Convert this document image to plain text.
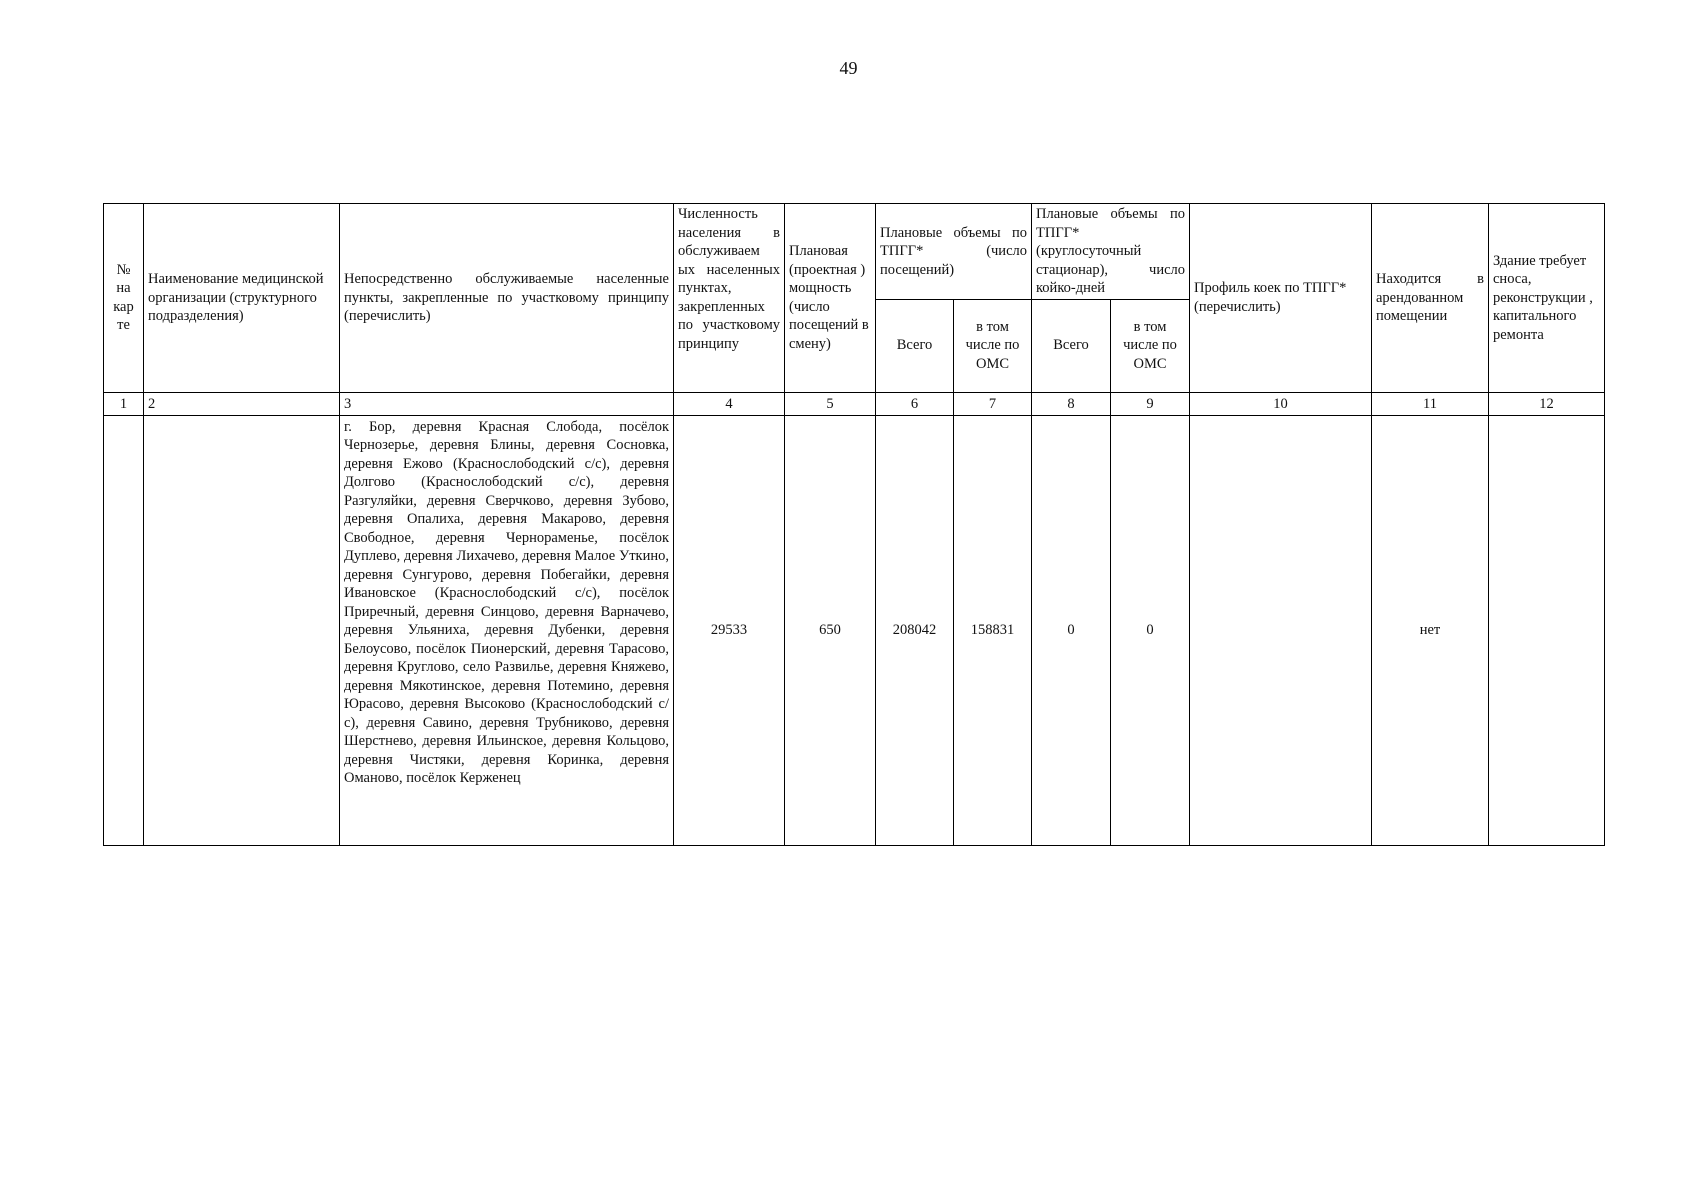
49
№ на кар те	Наименование медицинской организации (структурного подразделения)	Непосредственно обслуживаемые населенные пункты, закрепленные по участковому принципу (перечислить)	Численность населения в обслуживаем ых населенных пунктах, закрепленных по участковому принципу	Плановая (проектная ) мощность (число посещений в смену)	Плановые объемы по ТПГГ* (число посещений)		Плановые объемы по ТПГГ* (круглосуточный стационар), число койко-дней		Профиль коек по ТПГГ* (перечислить)	Находится в арендованном помещении	Здание требует сноса, реконструкции , капитального ремонта
					Всего	в том числе по ОМС	Всего	в том числе по ОМС			
1	2	3	4	5	6	7	8	9	10	11	12
		г. Бор, деревня Красная Слобода, посёлок Чернозерье, деревня Блины, деревня Сосновка, деревня Ежово (Краснослободский с/с), деревня Долгово (Краснослободский с/с), деревня Разгуляйки, деревня Сверчково, деревня Зубово, деревня Опалиха, деревня Макарово, деревня Свободное, деревня Чернораменье, посёлок Дуплево, деревня Лихачево, деревня Малое Уткино, деревня Сунгурово, деревня Побегайки, деревня Ивановское (Краснослободский с/с), посёлок Приречный, деревня Синцово, деревня Варначево, деревня Ульяниха, деревня Дубенки, деревня Белоусово, посёлок Пионерский, деревня Тарасово, деревня Круглово, село Развилье, деревня Княжево, деревня Мякотинское, деревня Потемино, деревня Юрасово, деревня Высоково (Краснослободский с/с), деревня Савино, деревня Трубниково, деревня Шерстнево, деревня Ильинское, деревня Кольцово, деревня Чистяки, деревня Коринка, деревня Оманово, посёлок Керженец	29533	650	208042	158831	0	0		нет	
